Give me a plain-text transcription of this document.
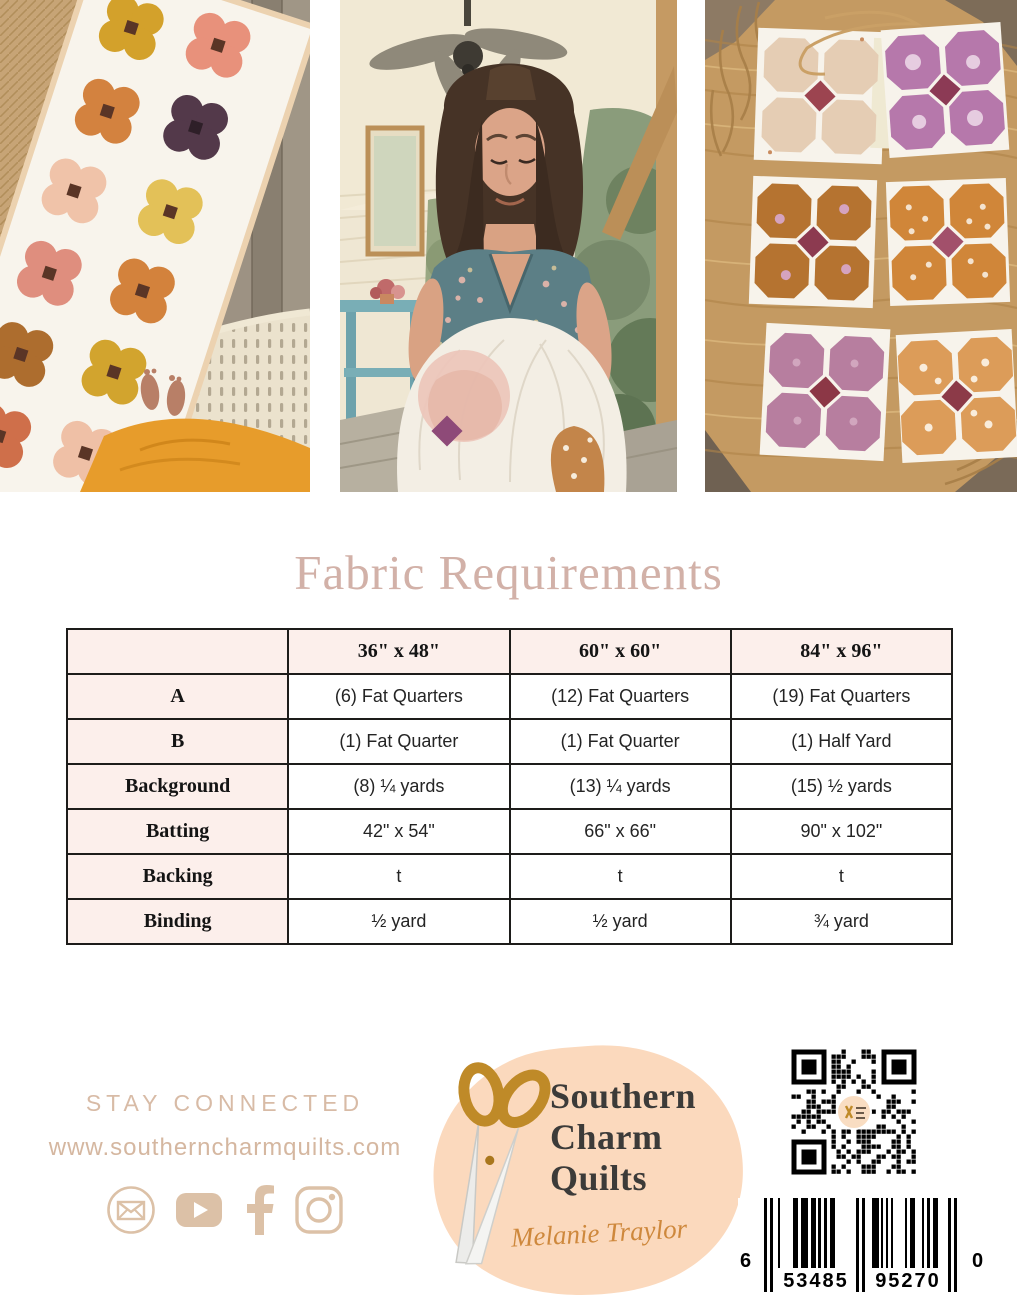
Fabric Requirements
	36" x 48"	60" x 60"	84" x 96"
A	(6) Fat Quarters	(12) Fat Quarters	(19) Fat Quarters
B	(1) Fat Quarter	(1) Fat Quarter	(1) Half Yard
Background	(8) ¼ yards	(13) ¼ yards	(15) ½ yards
Batting	42" x 54"	66" x 66"	90" x 102"
Backing	t	t	t
Binding	½ yard	½ yard	¾ yard
STAY CONNECTED
www.southerncharmquilts.com
Southern
Charm
Quilts
Melanie Traylor
6
53485 95270
0
